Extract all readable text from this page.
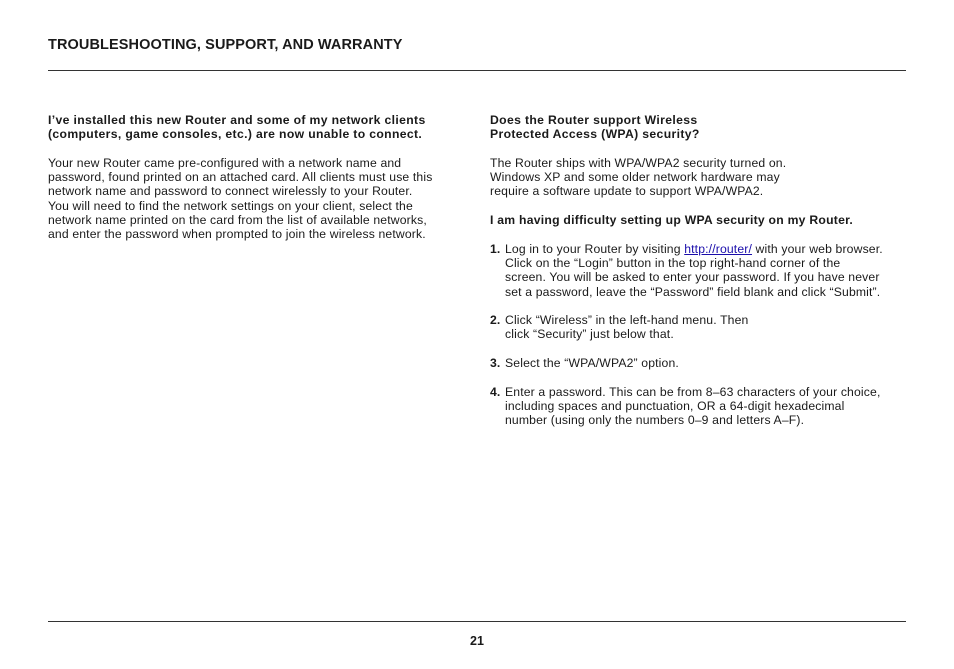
TROUBLESHOOTING, SUPPORT, AND WARRANTY
I’ve installed this new Router and some of my network clients
(computers, game consoles, etc.) are now unable to connect.
Your new Router came pre-configured with a network name and
password, found printed on an attached card. All clients must use this
network name and password to connect wirelessly to your Router.
You will need to find the network settings on your client, select the
network name printed on the card from the list of available networks,
and enter the password when prompted to join the wireless network.
Does the Router support Wireless
Protected Access (WPA) security?
The Router ships with WPA/WPA2 security turned on.
Windows XP and some older network hardware may
require a software update to support WPA/WPA2.
I am having difficulty setting up WPA security on my Router.
1. Log in to your Router by visiting http://router/ with your web browser.
Click on the “Login” button in the top right-hand corner of the
screen. You will be asked to enter your password. If you have never
set a password, leave the “Password” field blank and click “Submit”.
2. Click “Wireless” in the left-hand menu. Then
click “Security” just below that.
3. Select the “WPA/WPA2” option.
4. Enter a password. This can be from 8–63 characters of your choice,
including spaces and punctuation, OR a 64-digit hexadecimal
number (using only the numbers 0–9 and letters A–F).
21
